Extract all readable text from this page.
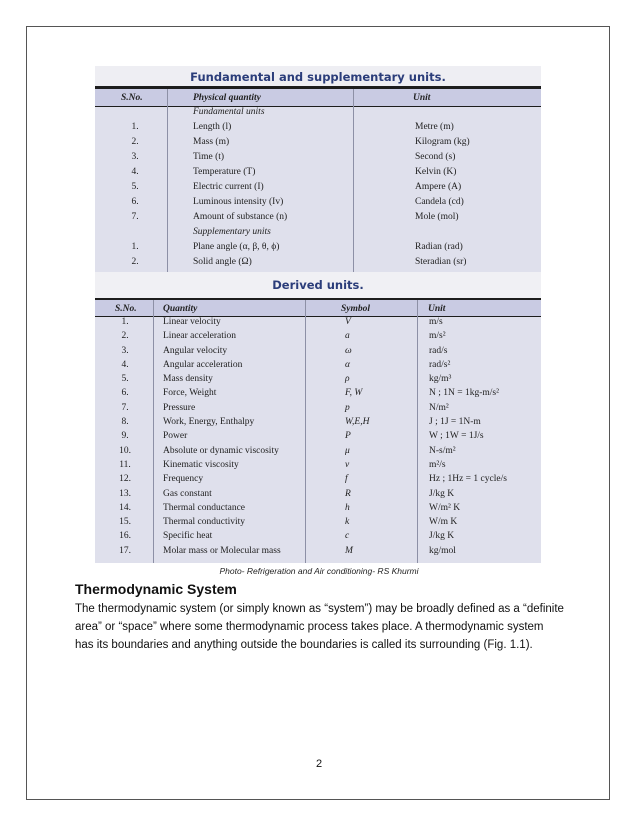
Fundamental and supplementary units.
S.No.	Physical quantity	Unit
Fundamental units
1.	Length (l)	Metre (m)
2.	Mass (m)	Kilogram (kg)
3.	Time (t)	Second (s)
4.	Temperature (T)	Kelvin (K)
5.	Electric current (I)	Ampere (A)
6.	Luminous intensity (Iv)	Candela (cd)
7.	Amount of substance (n)	Mole (mol)
Supplementary units
1.	Plane angle (α, β, θ, ϕ)	Radian (rad)
2.	Solid angle (Ω)	Steradian (sr)
Derived units.
S.No.	Quantity	Symbol	Unit
1.	Linear velocity	V	m/s
2.	Linear acceleration	a	m/s²
3.	Angular velocity	ω	rad/s
4.	Angular acceleration	α	rad/s²
5.	Mass density	ρ	kg/m³
6.	Force, Weight	F, W	N ; 1N = 1kg-m/s²
7.	Pressure	p	N/m²
8.	Work, Energy, Enthalpy	W,E,H	J ; 1J = 1N-m
9.	Power	P	W ; 1W = 1J/s
10.	Absolute or dynamic viscosity	μ	N-s/m²
11.	Kinematic viscosity	v	m²/s
12.	Frequency	f	Hz ; 1Hz = 1 cycle/s
13.	Gas constant	R	J/kg K
14.	Thermal conductance	h	W/m² K
15.	Thermal conductivity	k	W/m K
16.	Specific heat	c	J/kg K
17.	Molar mass or Molecular mass	M	kg/mol
Photo- Refrigeration and Air conditioning- RS Khurmi
Thermodynamic System
The thermodynamic system (or simply known as “system”) may be broadly defined as a “definite area” or “space” where some thermodynamic process takes place. A thermodynamic system has its boundaries and anything outside the boundaries is called its surrounding (Fig. 1.1).
2
